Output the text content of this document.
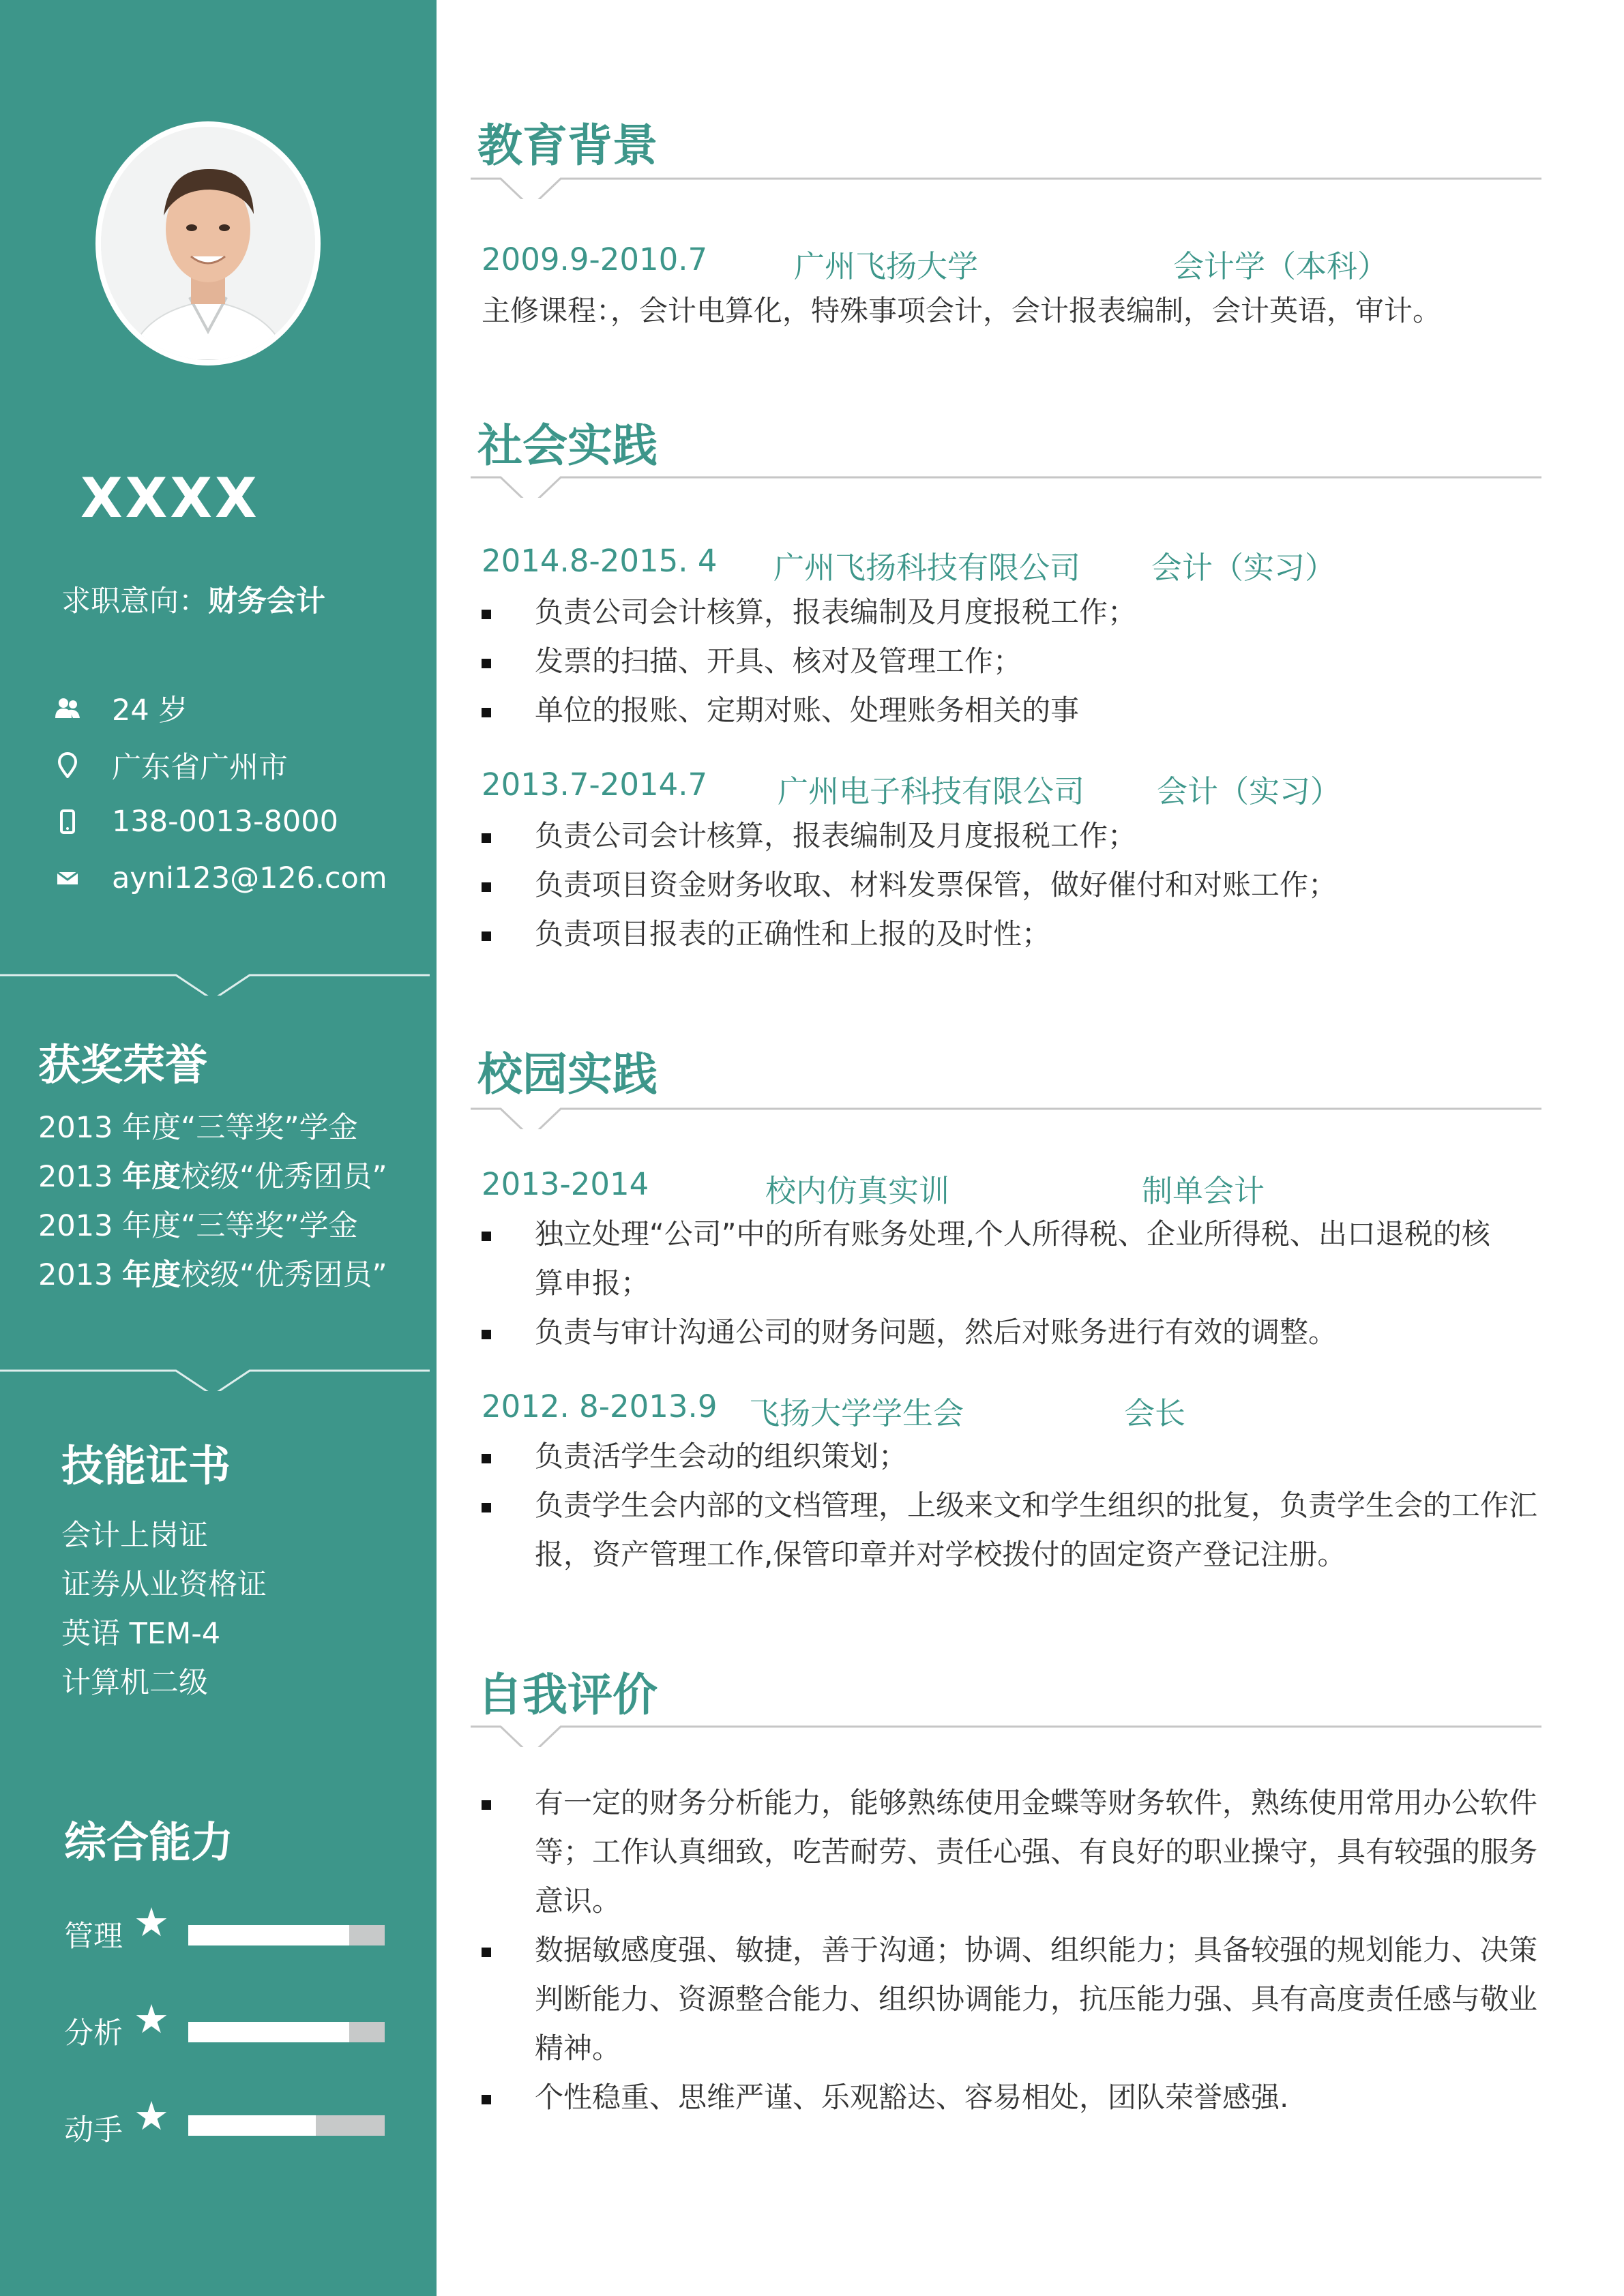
XXXX
求职意向：财务会计
24 岁
广东省广州市
138-0013-8000
ayni123@126.com
获奖荣誉
2013 年度“三等奖”学金
2013 年度校级“优秀团员”
2013 年度“三等奖”学金
2013 年度校级“优秀团员”
技能证书
会计上岗证
证券从业资格证
英语 TEM-4
计算机二级
综合能力
管理 ★
分析 ★
动手 ★
教育背景
2009.9-2010.7	广州飞扬大学	会计学（本科）
主修课程：，会计电算化，特殊事项会计，会计报表编制，会计英语，审计。
社会实践
2014.8-2015. 4 广州飞扬科技有限公司 会计（实习）
负责公司会计核算，报表编制及月度报税工作；
发票的扫描、开具、核对及管理工作；
单位的报账、定期对账、处理账务相关的事
2013.7-2014.7 广州电子科技有限公司 会计（实习）
负责公司会计核算，报表编制及月度报税工作；
负责项目资金财务收取、材料发票保管，做好催付和对账工作；
负责项目报表的正确性和上报的及时性；
校园实践
2013-2014	校内仿真实训	制单会计
独立处理“公司”中的所有账务处理,个人所得税、企业所得税、出口退税的核
算申报；
负责与审计沟通公司的财务问题，然后对账务进行有效的调整。
2012. 8-2013.9 飞扬大学学生会	会长
负责活学生会动的组织策划；
负责学生会内部的文档管理，上级来文和学生组织的批复，负责学生会的工作汇
报，资产管理工作,保管印章并对学校拨付的固定资产登记注册。
自我评价
有一定的财务分析能力，能够熟练使用金蝶等财务软件，熟练使用常用办公软件
等；工作认真细致，吃苦耐劳、责任心强、有良好的职业操守，具有较强的服务
意识。
数据敏感度强、敏捷，善于沟通；协调、组织能力；具备较强的规划能力、决策
判断能力、资源整合能力、组织协调能力，抗压能力强、具有高度责任感与敬业
精神。
个性稳重、思维严谨、乐观豁达、容易相处，团队荣誉感强.
